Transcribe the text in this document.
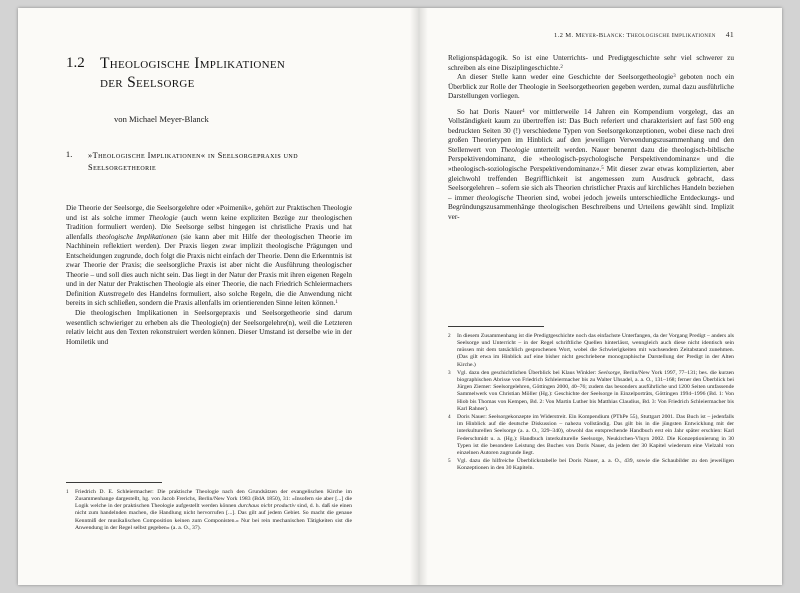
1.2 Theologische Implikationen
der Seelsorge
von Michael Meyer-Blanck
1.	»Theologische Implikationen« in Seelsorgepraxis und Seelsorgetheorie

Die Theorie der Seelsorge, die Seelsorgelehre oder »Poimenik«, gehört zur Praktischen Theologie und ist als solche immer Theologie (auch wenn keine expliziten Bezüge zur theologischen Tradition formuliert werden). Die Seelsorge selbst hingegen ist christliche Praxis und hat allenfalls theologische Implikationen (sie kann aber mit Hilfe der theologischen Theorie im Nachhinein reflektiert werden). Der Praxis liegen zwar implizit theologische Prägungen und Entscheidungen zugrunde, doch folgt die Praxis nicht einfach der Theorie. Denn die Erkenntnis ist zwar Theorie der Praxis; die seelsorgliche Praxis ist aber nicht die Ausführung theologischer Theorie – und soll dies auch nicht sein. Das liegt in der Natur der Praxis mit ihren eigenen Regeln und in der Natur der Praktischen Theologie als einer Theorie, die nach Friedrich Schleiermachers Definition Kunstregeln des Handelns formuliert, also solche Regeln, die die Anwendung nicht bereits in sich schließen, sondern die Praxis allenfalls im orientierenden Sinne leiten können.$^1$

Die theologischen Implikationen in Seelsorgepraxis und Seelsorgetheorie sind darum wesentlich schwieriger zu erheben als die Theologie(n) der Seelsorgelehre(n), weil die Letzteren relativ leicht aus den Texten rekonstruiert werden können. Dieser Umstand ist derselbe wie in der Homiletik und

1	Friedrich D. E. Schleiermacher: Die praktische Theologie nach den Grundsätzen der evangelischen Kirche im Zusammenhange dargestellt, hg. von Jacob Frerichs, Berlin/New York 1983 (BdA 1850), 31: »Insofern sie aber [...] die Logik welche in der praktischen Theologie aufgestellt werden können durchaus nicht productiv sind, d. h. daß sie einen nicht zum handelnden machen, die Handlung nicht hervorrufen [...]. Das gilt auf jedem Gebiet. So macht die genaue Kenntniß der musikalischen Composition keinen zum Componisten.« Nur bei rein mechanischen Tätigkeiten sist die Anwendung in der Regel selbst gegeben« (a. a. O., 37).
1.2 M. Meyer-Blanck: Theologische Implikationen 41

Religionspädagogik. So ist eine Unterrichts- und Predigtgeschichte sehr viel schwerer zu schreiben als eine Disziplingeschichte.$^2$

An dieser Stelle kann weder eine Geschichte der Seelsorgetheologie$^3$ geboten noch ein Überblick zur Rolle der Theologie in Seelsorgetheorien gegeben werden, zumal dazu ausführliche Darstellungen vorliegen.

So hat Doris Nauer$^4$ vor mittlerweile 14 Jahren ein Kompendium vorgelegt, das an Vollständigkeit kaum zu übertreffen ist: Das Buch referiert und charakterisiert auf fast 500 eng bedruckten Seiten 30 (!) verschiedene Typen von Seelsorgekonzeptionen, wobei diese nach drei großen Theorietypen im Hinblick auf den jeweiligen Verwendungszusammenhang und den Stellenwert von Theologie unterteilt werden. Nauer benennt dazu die theologisch-biblische Perspektivendominanz, die »theologisch-psychologische Perspektivendominanz« und die »theologisch-soziologische Perspektivendominanz«.$^5$ Mit dieser zwar etwas komplizierten, aber gleichwohl treffenden Begrifflichkeit ist angemessen zum Ausdruck gebracht, dass Seelsorgelehren – sofern sie sich als Theorien christlicher Praxis auf kirchliches Handeln beziehen – immer theologische Theorien sind, wobei jedoch jeweils unterschiedliche Entdeckungs- und Begründungszusammenhänge theologischen Beschreibens und Urteilens gewählt sind. Implizit ver-

2	In diesem Zusammenhang ist die Predigtgeschichte noch das einfachste Unterfangen, da der Vorgang Predigt – anders als Seelsorge und Unterricht – in der Regel schriftliche Quellen hinterlässt, wenngleich auch diese nicht identisch sein müssen mit dem tatsächlich gesprochenen Wort, wobei die Schwierigkeiten mit wachsendem Zeitabstand zunehmen. (Das gilt etwa im Hinblick auf eine bisher nicht geschriebene monographische Darstellung der Predigt in der Alten Kirche.)
3	Vgl. dazu den geschichtlichen Überblick bei Klaus Winkler: Seelsorge, Berlin/New York 1997, 77–131; bes. die kurzen biographischen Abrisse von Friedrich Schleiermacher bis zu Walter Uhsadel, a. a. O., 131–168; ferner den Überblick bei Jürgen Ziemer: Seelsorgelehren, Göttingen 2000, 40–76; zudem das besonders ausführliche und 1200 Seiten umfassende Sammelwerk von Christian Möller (Hg.): Geschichte der Seelsorge in Einzelporträts, Göttingen 1994–1996 (Bd. 1: Von Hiob bis Thomas von Kempen, Bd. 2: Von Martin Luther bis Matthias Claudius, Bd. 3: Von Friedrich Schleiermacher bis Karl Rahner).
4	Doris Nauer: Seelsorgekonzepte im Widerstreit. Ein Kompendium (PThPe 55), Stuttgart 2001. Das Buch ist – jedenfalls im Hinblick auf die deutsche Diskussion – nahezu vollständig. Das gilt bis in die jüngsten Entwicklung mit der interkulturellen Seelsorge (a. a. O., 329–340), obwohl das entsprechende Handbuch erst ein Jahr später erschien: Karl Federschmidt u. a. (Hg.): Handbuch interkulturelle Seelsorge, Neukirchen-Vluyn 2002. Die Konzeptionierung in 30 Typen ist die besondere Leistung des Buches von Doris Nauer, da jedem der 30 Kapitel wiederum eine Vielzahl von einzelnen Autoren zugrunde liegt.
5	Vgl. dazu die hilfreiche Überblickstabelle bei Doris Nauer, a. a. O., 439, sowie die Schaubilder zu den jeweiligen Konzeptionen in den 30 Kapiteln.
